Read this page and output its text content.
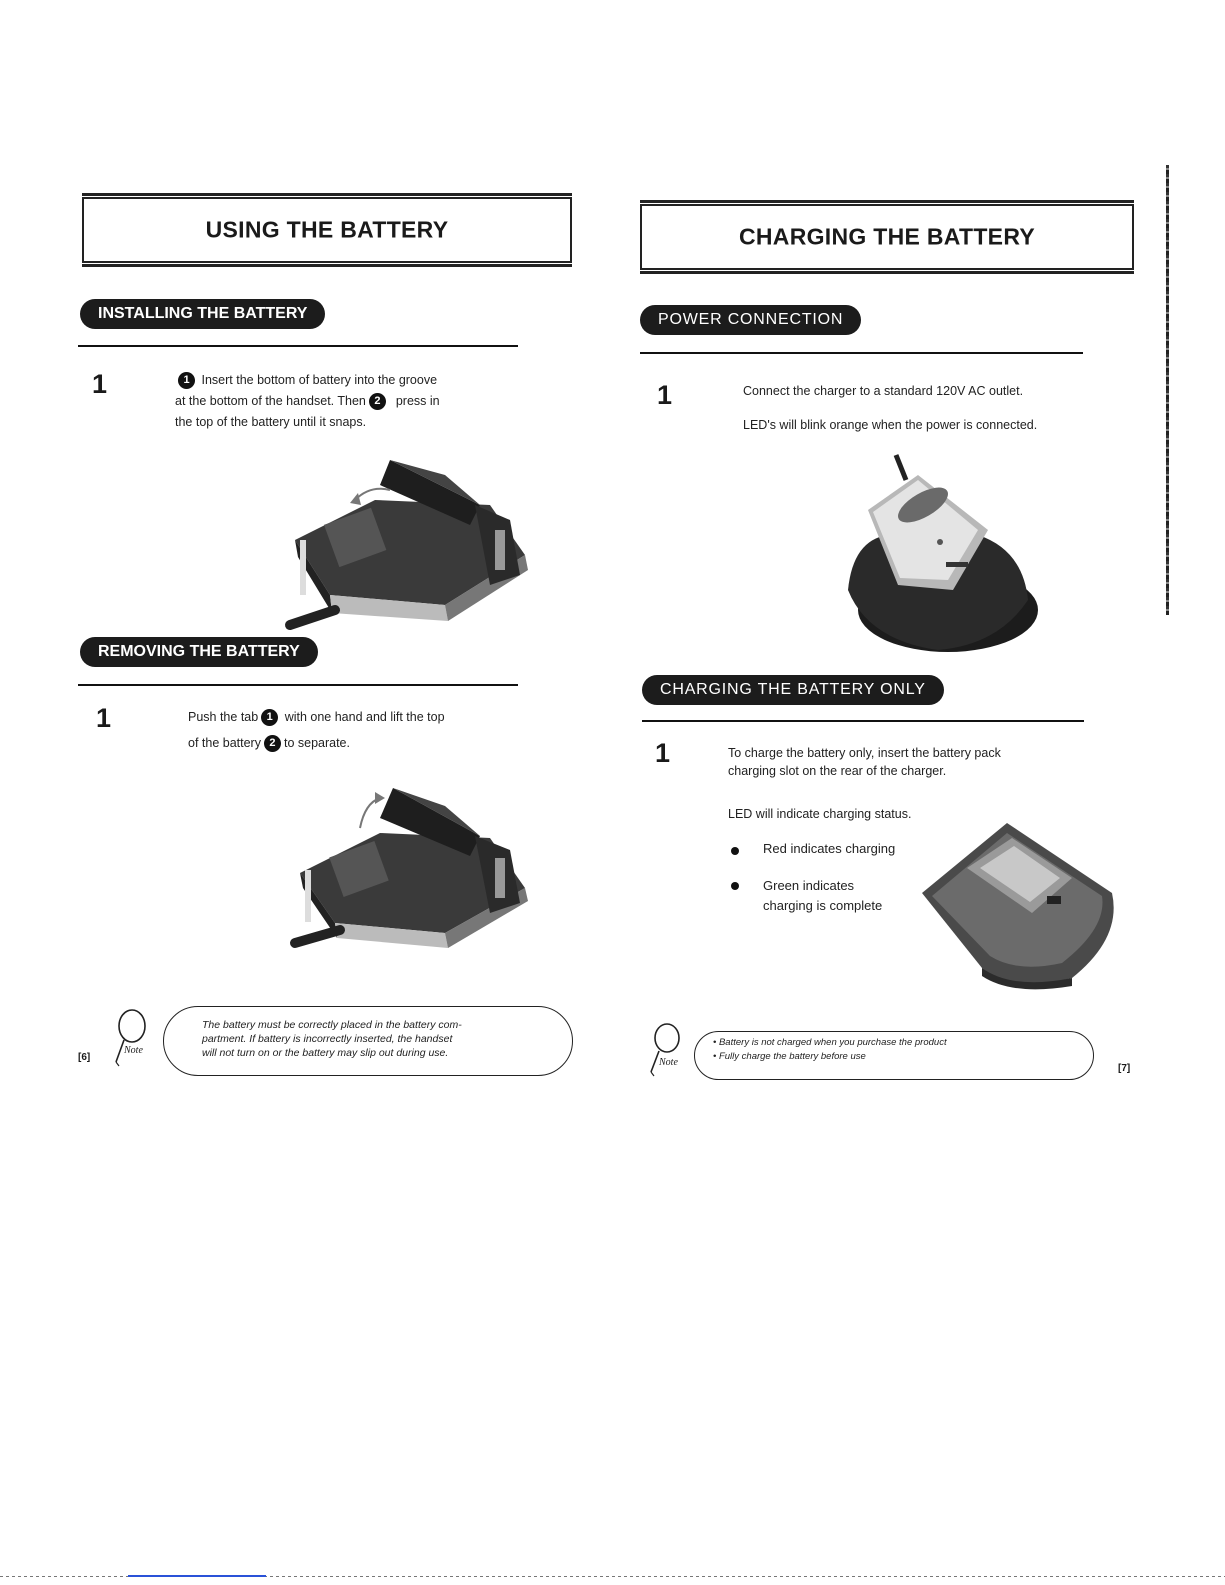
USING THE BATTERY
INSTALLING THE BATTERY
1	1 Insert the bottom of battery into the groove
at the bottom of the handset. Then 2 press in
the top of the battery until it snaps.
REMOVING THE BATTERY
1	Push the tab 1 with one hand and lift the top
of the battery 2 to separate.
Note
The battery must be correctly placed in the battery com-
partment. If battery is incorrectly inserted, the handset
will not turn on or the battery may slip out during use.
[6]
CHARGING THE BATTERY
POWER CONNECTION
1	Connect the charger to a standard 120V AC outlet.
LED's will blink orange when the power is connected.
CHARGING THE BATTERY ONLY
1	To charge the battery only, insert the battery pack
charging slot on the rear of the charger.
LED will indicate charging status.
Red indicates charging
Green indicates
charging is complete
Note
• Battery is not charged when you purchase the product
• Fully charge the battery before use
[7]
